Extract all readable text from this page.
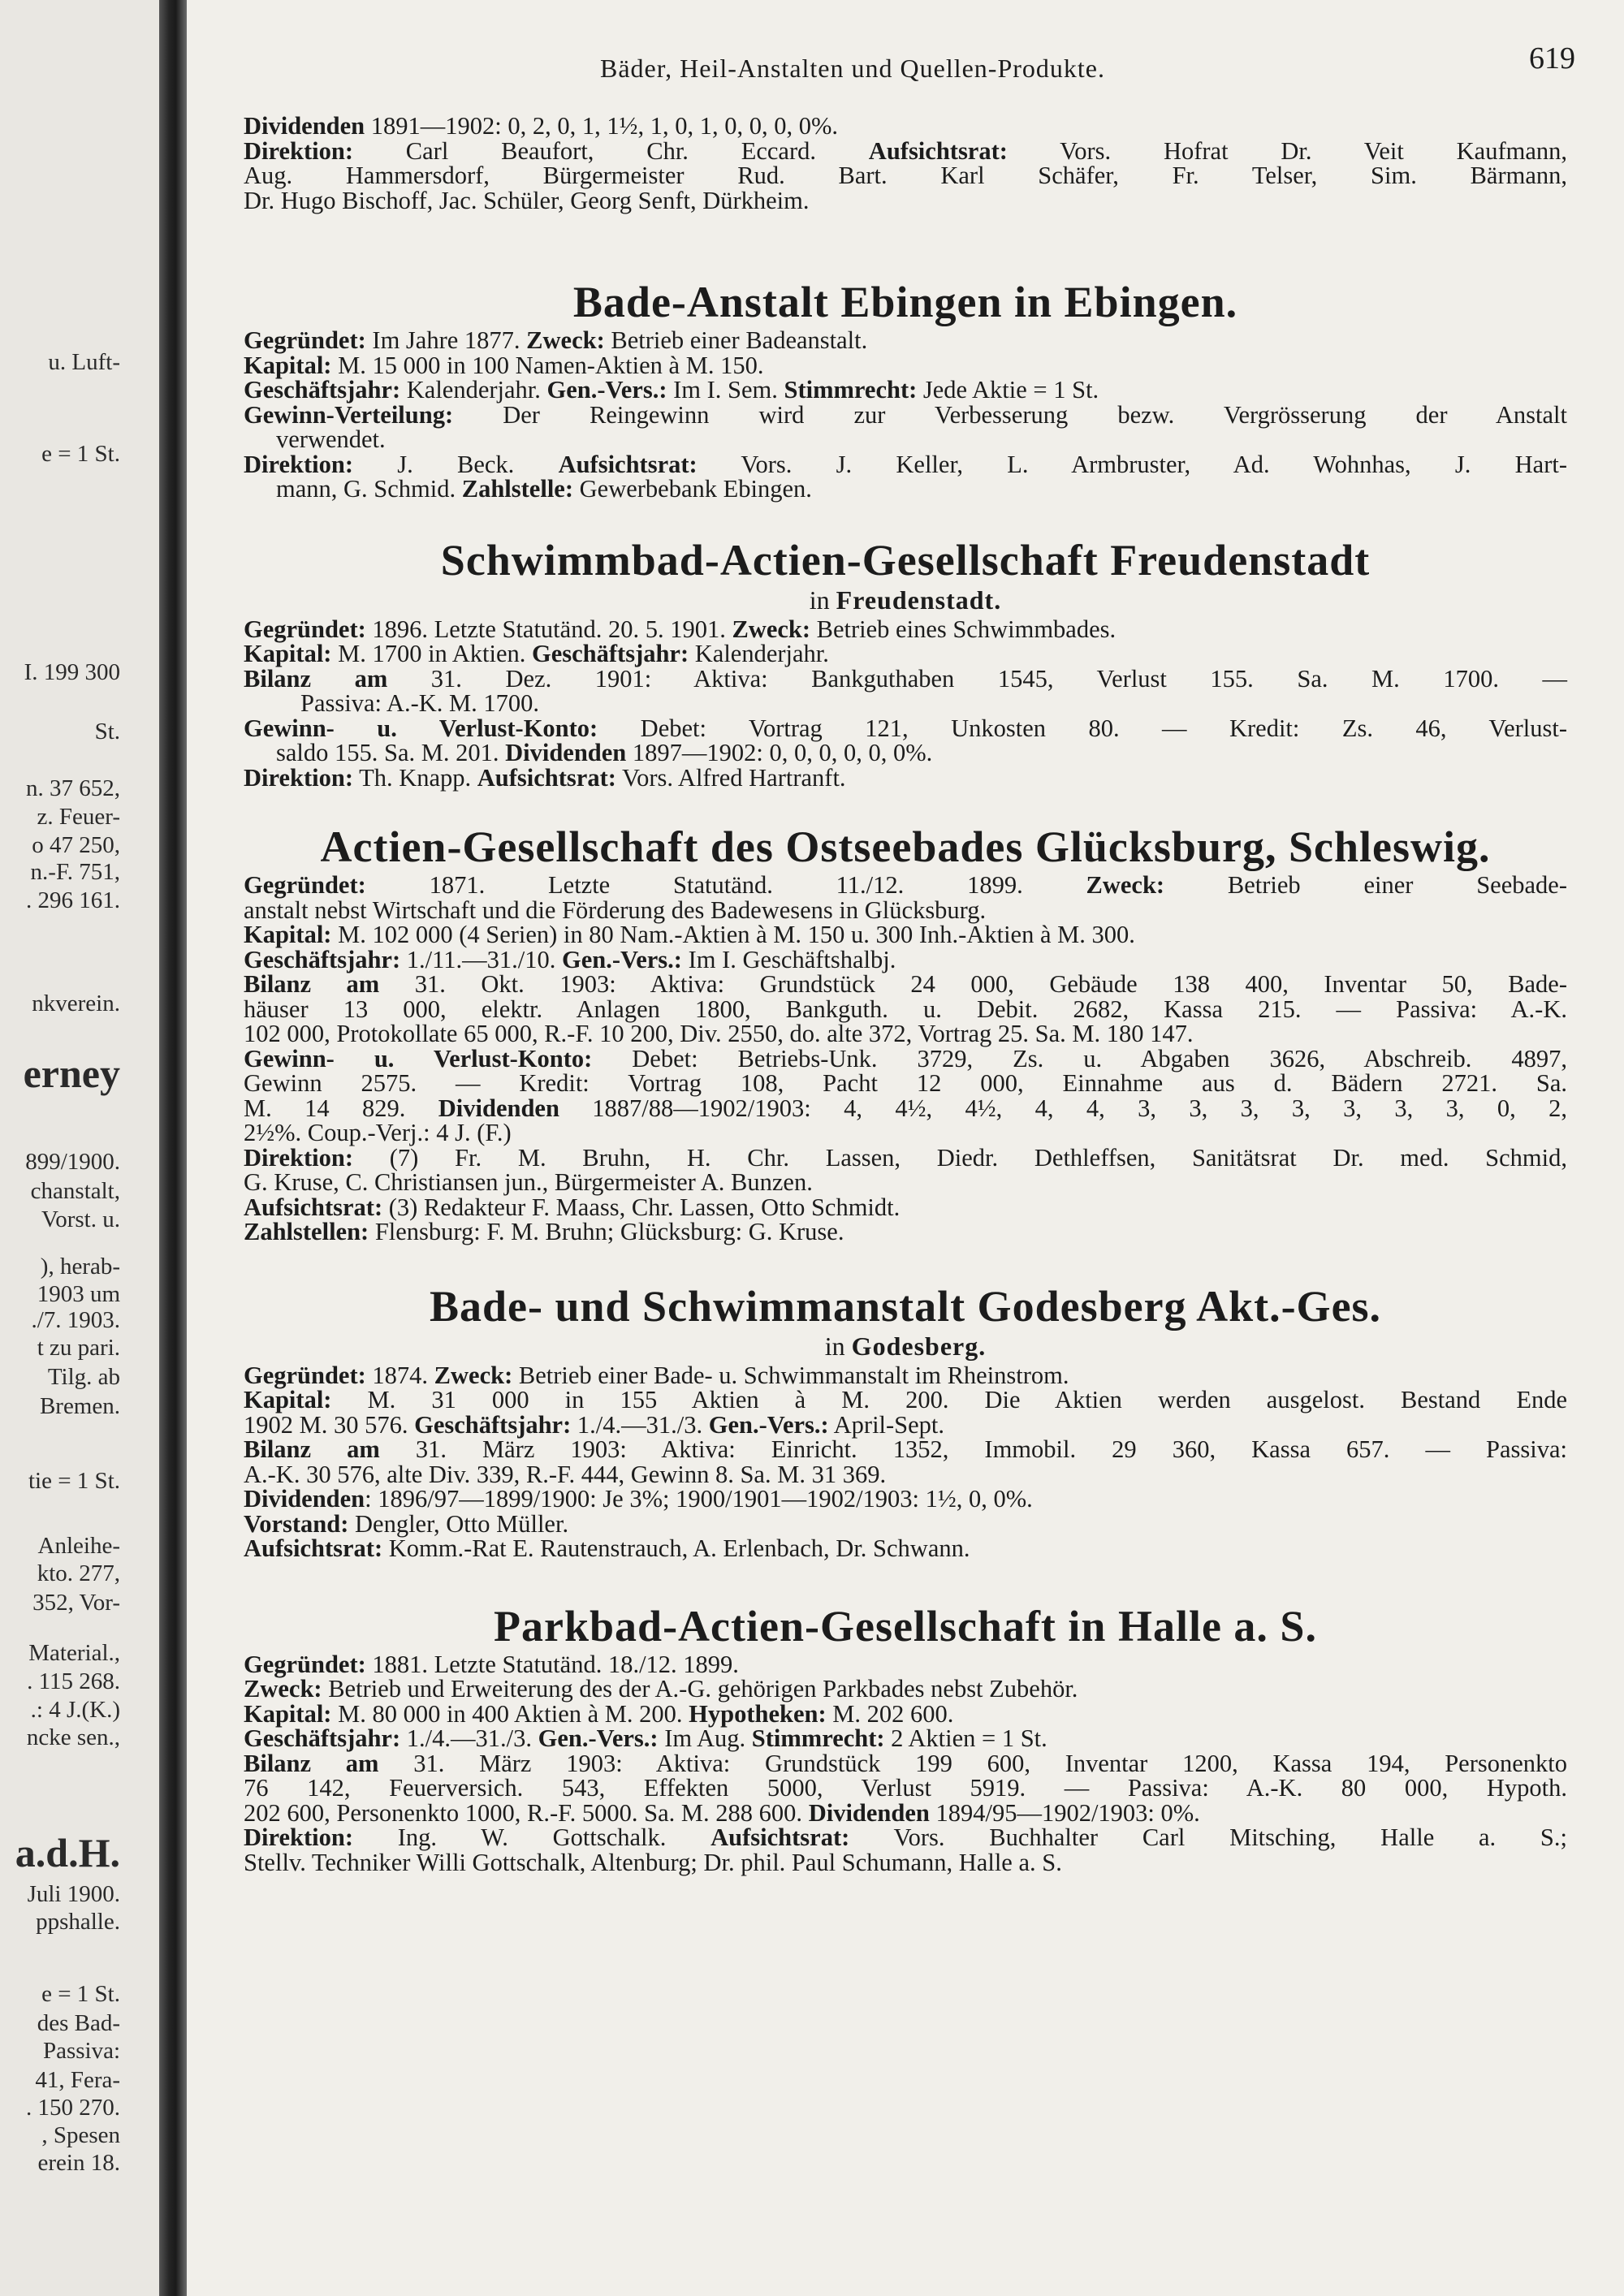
u. Luft-
e = 1 St.
I. 199 300
St.
n. 37 652,
z. Feuer-
o 47 250,
n.-F. 751,
. 296 161.
nkverein.
erney
899/1900.
chanstalt,
Vorst. u.
), herab-
1903 um
./7. 1903.
t zu pari.
Tilg. ab
Bremen.
tie = 1 St.
Anleihe-
kto. 277,
352, Vor-
Material.,
. 115 268.
.: 4 J.(K.)
ncke sen.,
a.d.H.
Juli 1900.
ppshalle.
e = 1 St.
des Bad-
Passiva:
41, Fera-
. 150 270.
, Spesen
erein 18.
Bäder, Heil-Anstalten und Quellen-Produkte.	619

Dividenden 1891—1902: 0, 2, 0, 1, 1½, 1, 0, 1, 0, 0, 0, 0%.

Direktion: Carl Beaufort, Chr. Eccard. Aufsichtsrat: Vors. Hofrat Dr. Veit Kaufmann,

Aug. Hammersdorf, Bürgermeister Rud. Bart. Karl Schäfer, Fr. Telser, Sim. Bärmann,

Dr. Hugo Bischoff, Jac. Schüler, Georg Senft, Dürkheim.

Bade-Anstalt Ebingen in Ebingen.

Gegründet: Im Jahre 1877. Zweck: Betrieb einer Badeanstalt.

Kapital: M. 15 000 in 100 Namen-Aktien à M. 150.

Geschäftsjahr: Kalenderjahr. Gen.-Vers.: Im I. Sem. Stimmrecht: Jede Aktie = 1 St.

Gewinn-Verteilung: Der Reingewinn wird zur Verbesserung bezw. Vergrösserung der Anstalt

verwendet.

Direktion: J. Beck. Aufsichtsrat: Vors. J. Keller, L. Armbruster, Ad. Wohnhas, J. Hart-

mann, G. Schmid. Zahlstelle: Gewerbebank Ebingen.

Schwimmbad-Actien-Gesellschaft Freudenstadt
in Freudenstadt.

Gegründet: 1896. Letzte Statutänd. 20. 5. 1901. Zweck: Betrieb eines Schwimmbades.

Kapital: M. 1700 in Aktien. Geschäftsjahr: Kalenderjahr.

Bilanz am 31. Dez. 1901: Aktiva: Bankguthaben 1545, Verlust 155. Sa. M. 1700. —

Passiva: A.-K. M. 1700.

Gewinn- u. Verlust-Konto: Debet: Vortrag 121, Unkosten 80. — Kredit: Zs. 46, Verlust-

saldo 155. Sa. M. 201. Dividenden 1897—1902: 0, 0, 0, 0, 0, 0%.

Direktion: Th. Knapp. Aufsichtsrat: Vors. Alfred Hartranft.

Actien-Gesellschaft des Ostseebades Glücksburg, Schleswig.

Gegründet: 1871. Letzte Statutänd. 11./12. 1899. Zweck: Betrieb einer Seebade-

anstalt nebst Wirtschaft und die Förderung des Badewesens in Glücksburg.

Kapital: M. 102 000 (4 Serien) in 80 Nam.-Aktien à M. 150 u. 300 Inh.-Aktien à M. 300.

Geschäftsjahr: 1./11.—31./10. Gen.-Vers.: Im I. Geschäftshalbj.

Bilanz am 31. Okt. 1903: Aktiva: Grundstück 24 000, Gebäude 138 400, Inventar 50, Bade-

häuser 13 000, elektr. Anlagen 1800, Bankguth. u. Debit. 2682, Kassa 215. — Passiva: A.-K.

102 000, Protokollate 65 000, R.-F. 10 200, Div. 2550, do. alte 372, Vortrag 25. Sa. M. 180 147.

Gewinn- u. Verlust-Konto: Debet: Betriebs-Unk. 3729, Zs. u. Abgaben 3626, Abschreib. 4897,

Gewinn 2575. — Kredit: Vortrag 108, Pacht 12 000, Einnahme aus d. Bädern 2721. Sa.

M. 14 829. Dividenden 1887/88—1902/1903: 4, 4½, 4½, 4, 4, 3, 3, 3, 3, 3, 3, 3, 0, 2,

2½%. Coup.-Verj.: 4 J. (F.)

Direktion: (7) Fr. M. Bruhn, H. Chr. Lassen, Diedr. Dethleffsen, Sanitätsrat Dr. med. Schmid,

G. Kruse, C. Christiansen jun., Bürgermeister A. Bunzen.

Aufsichtsrat: (3) Redakteur F. Maass, Chr. Lassen, Otto Schmidt.

Zahlstellen: Flensburg: F. M. Bruhn; Glücksburg: G. Kruse.

Bade- und Schwimmanstalt Godesberg Akt.-Ges.
in Godesberg.

Gegründet: 1874. Zweck: Betrieb einer Bade- u. Schwimmanstalt im Rheinstrom.

Kapital: M. 31 000 in 155 Aktien à M. 200. Die Aktien werden ausgelost. Bestand Ende

1902 M. 30 576. Geschäftsjahr: 1./4.—31./3. Gen.-Vers.: April-Sept.

Bilanz am 31. März 1903: Aktiva: Einricht. 1352, Immobil. 29 360, Kassa 657. — Passiva:

A.-K. 30 576, alte Div. 339, R.-F. 444, Gewinn 8. Sa. M. 31 369.

Dividenden: 1896/97—1899/1900: Je 3%; 1900/1901—1902/1903: 1½, 0, 0%.

Vorstand: Dengler, Otto Müller.

Aufsichtsrat: Komm.-Rat E. Rautenstrauch, A. Erlenbach, Dr. Schwann.

Parkbad-Actien-Gesellschaft in Halle a. S.

Gegründet: 1881. Letzte Statutänd. 18./12. 1899.

Zweck: Betrieb und Erweiterung des der A.-G. gehörigen Parkbades nebst Zubehör.

Kapital: M. 80 000 in 400 Aktien à M. 200. Hypotheken: M. 202 600.

Geschäftsjahr: 1./4.—31./3. Gen.-Vers.: Im Aug. Stimmrecht: 2 Aktien = 1 St.

Bilanz am 31. März 1903: Aktiva: Grundstück 199 600, Inventar 1200, Kassa 194, Personenkto

76 142, Feuerversich. 543, Effekten 5000, Verlust 5919. — Passiva: A.-K. 80 000, Hypoth.

202 600, Personenkto 1000, R.-F. 5000. Sa. M. 288 600. Dividenden 1894/95—1902/1903: 0%.

Direktion: Ing. W. Gottschalk. Aufsichtsrat: Vors. Buchhalter Carl Mitsching, Halle a. S.;

Stellv. Techniker Willi Gottschalk, Altenburg; Dr. phil. Paul Schumann, Halle a. S.
